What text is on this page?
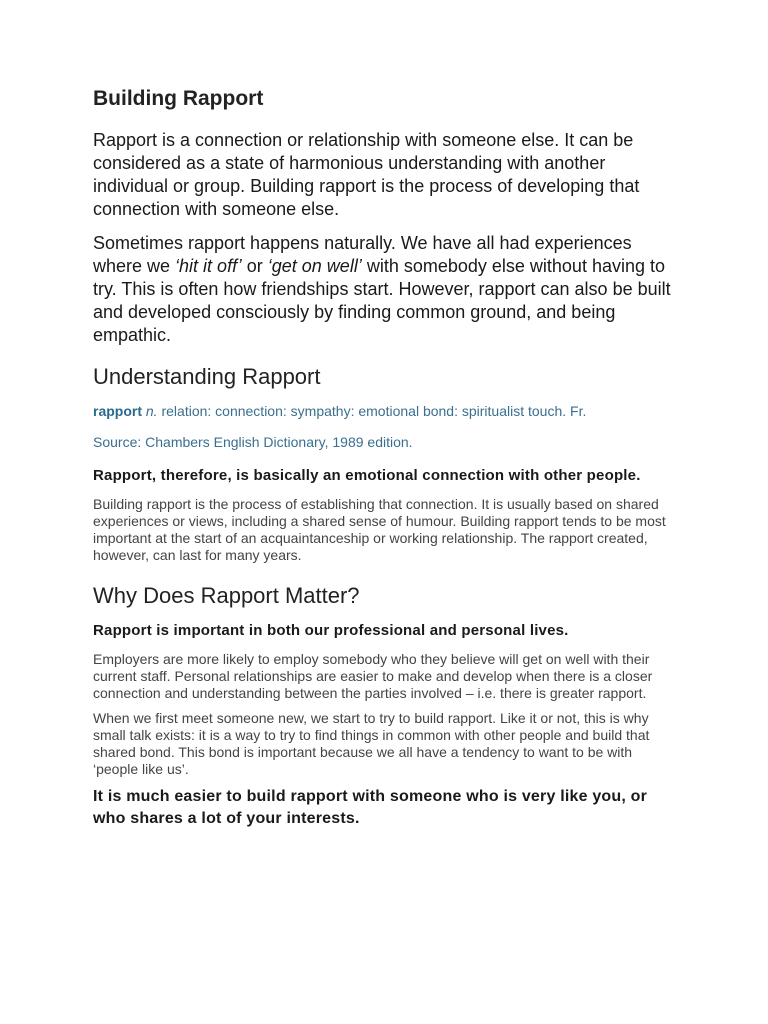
Building Rapport

Rapport is a connection or relationship with someone else. It can be considered as a state of harmonious understanding with another individual or group. Building rapport is the process of developing that connection with someone else.

Sometimes rapport happens naturally. We have all had experiences where we ‘hit it off’ or ‘get on well’ with somebody else without having to try. This is often how friendships start. However, rapport can also be built and developed consciously by finding common ground, and being empathic.

Understanding Rapport

rapport n. relation: connection: sympathy: emotional bond: spiritualist touch. Fr.

Source: Chambers English Dictionary, 1989 edition.

Rapport, therefore, is basically an emotional connection with other people.

Building rapport is the process of establishing that connection. It is usually based on shared experiences or views, including a shared sense of humour. Building rapport tends to be most important at the start of an acquaintanceship or working relationship. The rapport created, however, can last for many years.

Why Does Rapport Matter?

Rapport is important in both our professional and personal lives.

Employers are more likely to employ somebody who they believe will get on well with their current staff. Personal relationships are easier to make and develop when there is a closer connection and understanding between the parties involved – i.e. there is greater rapport.

When we first meet someone new, we start to try to build rapport. Like it or not, this is why small talk exists: it is a way to try to find things in common with other people and build that shared bond. This bond is important because we all have a tendency to want to be with ‘people like us’.

It is much easier to build rapport with someone who is very like you, or who shares a lot of your interests.
